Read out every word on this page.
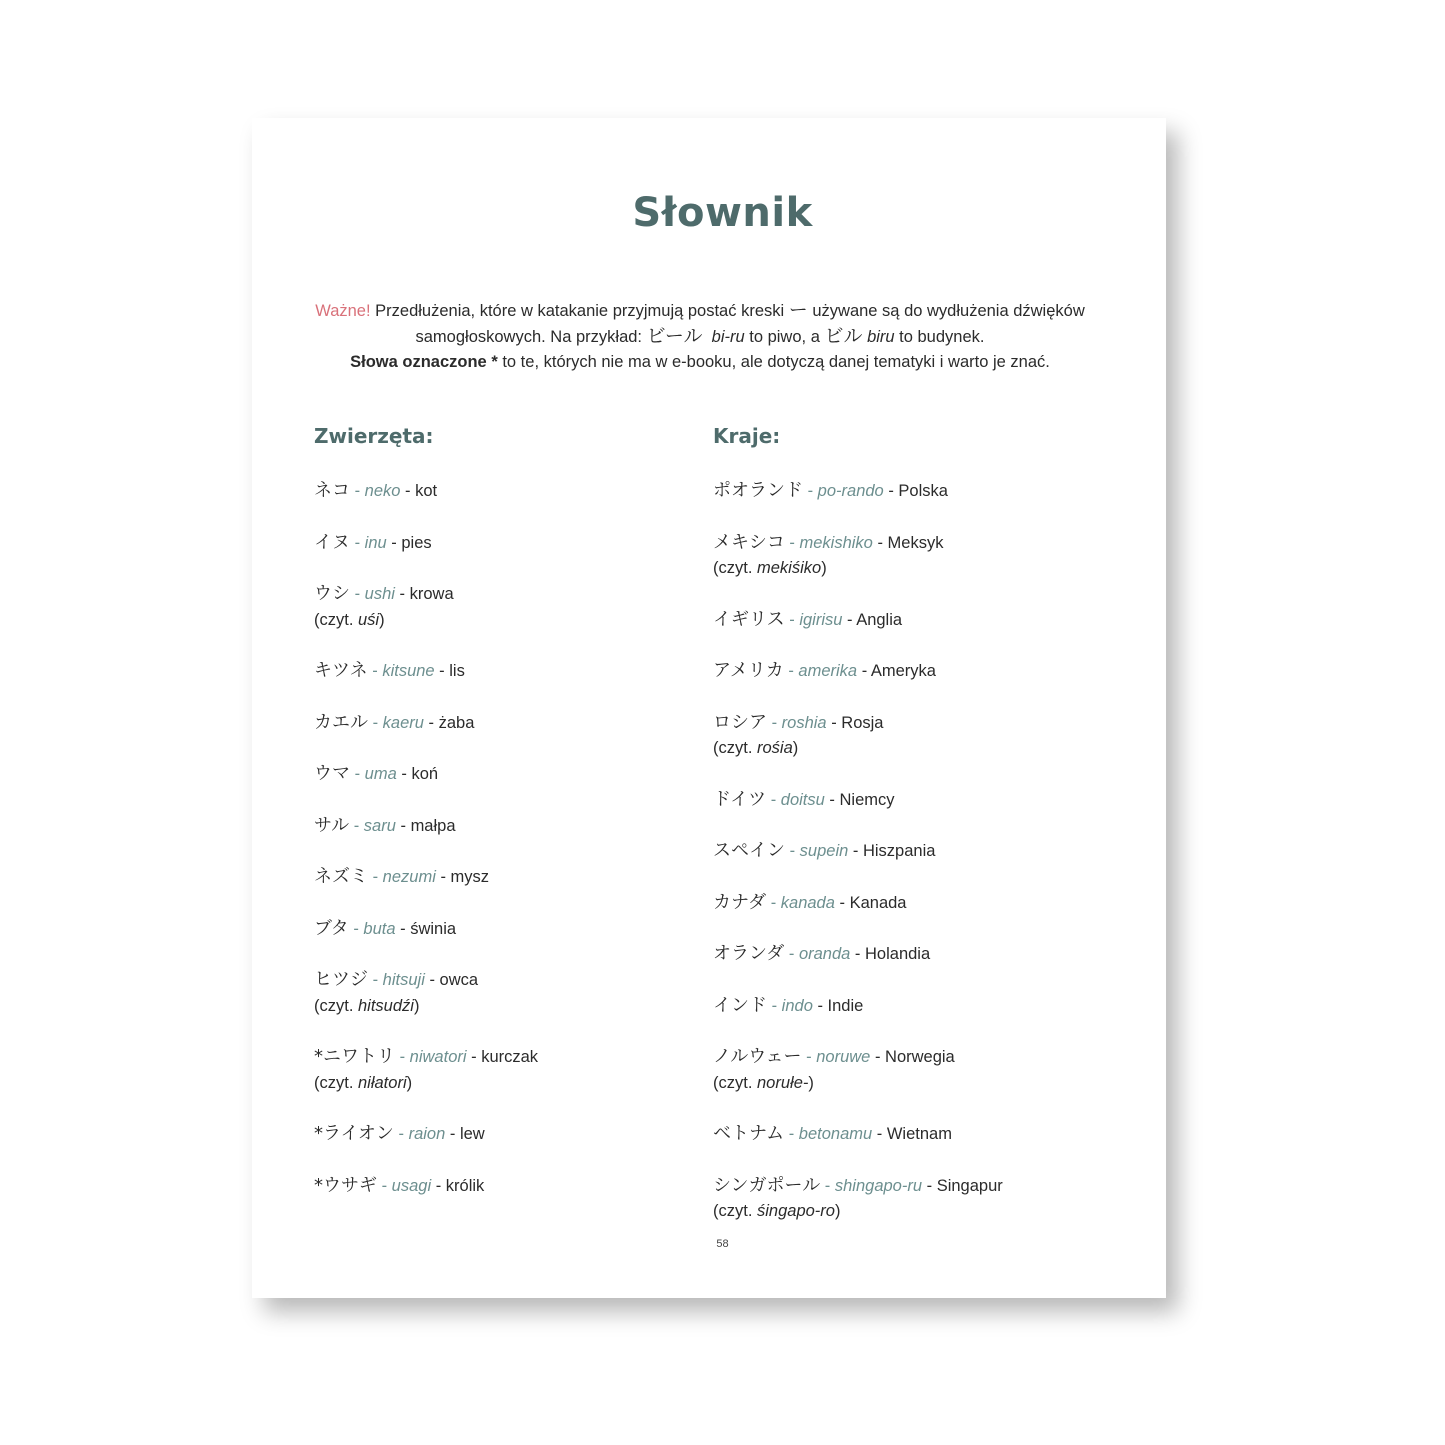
Słownik
Ważne! Przedłużenia, które w katakanie przyjmują postać kreski ー używane są do wydłużenia dźwięków
samogłoskowych. Na przykład: ビール bi-ru to piwo, a ビル biru to budynek.
Słowa oznaczone * to te, których nie ma w e-booku, ale dotyczą danej tematyki i warto je znać.
Zwierzęta:
ネコ - neko - kot
イヌ - inu - pies
ウシ - ushi - krowa
(czyt. uśi)
キツネ - kitsune - lis
カエル - kaeru - żaba
ウマ - uma - koń
サル - saru - małpa
ネズミ - nezumi - mysz
ブタ - buta - świnia
ヒツジ - hitsuji - owca
(czyt. hitsudźi)
*ニワトリ - niwatori - kurczak
(czyt. niłatori)
*ライオン - raion - lew
*ウサギ - usagi - królik
Kraje:
ポオランド - po-rando - Polska
メキシコ - mekishiko - Meksyk
(czyt. mekiśiko)
イギリス - igirisu - Anglia
アメリカ - amerika - Ameryka
ロシア - roshia - Rosja
(czyt. rośia)
ドイツ - doitsu - Niemcy
スペイン - supein - Hiszpania
カナダ - kanada - Kanada
オランダ - oranda - Holandia
インド - indo - Indie
ノルウェー - noruwe - Norwegia
(czyt. norułe-)
ベトナム - betonamu - Wietnam
シンガポール - shingapo-ru - Singapur
(czyt. śingapo-ro)
58
